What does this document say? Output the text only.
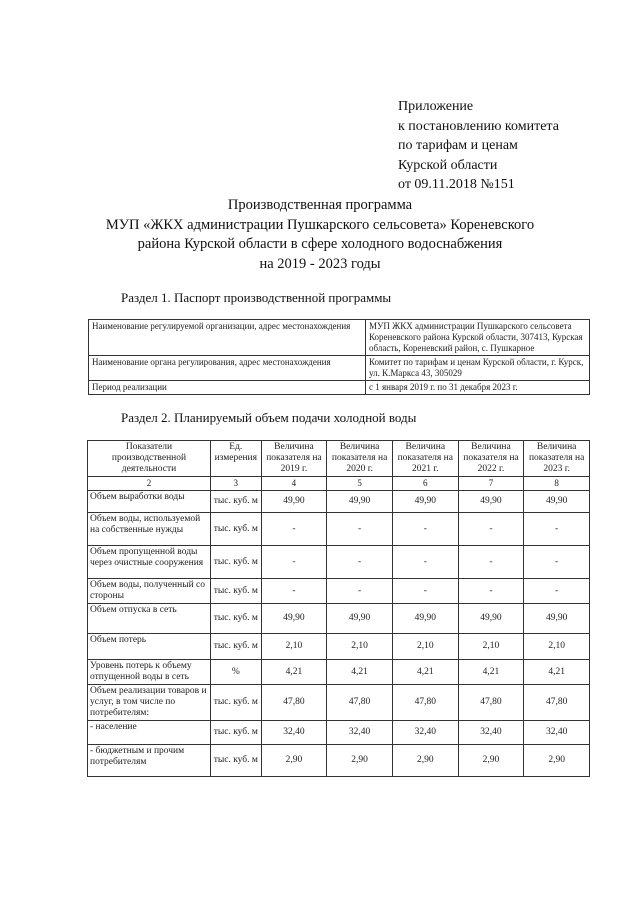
Приложение
к постановлению комитета
по тарифам и ценам
Курской области
от 09.11.2018 №151
Производственная программа
МУП «ЖКХ администрации Пушкарского сельсовета» Кореневского
района Курской области в сфере холодного водоснабжения
на 2019 - 2023 годы
Раздел 1. Паспорт производственной программы
Наименование регулируемой организации, адрес местонахождения	МУП ЖКХ администрации Пушкарского сельсовета Кореневского района Курской области, 307413, Курская область, Кореневский район, с. Пушкарное
Наименование органа регулирования, адрес местонахождения	Комитет по тарифам и ценам Курской области, г. Курск, ул. К.Маркса 43, 305029
Период реализации	с 1 января 2019 г. по 31 декабря 2023 г.
Раздел 2. Планируемый объем подачи холодной воды
Показатели производственной деятельности	Ед. измерения	Величина показателя на 2019 г.	Величина показателя на 2020 г.	Величина показателя на 2021 г.	Величина показателя на 2022 г.	Величина показателя на 2023 г.
2	3	4	5	6	7	8
Объем выработки воды	тыс. куб. м	49,90	49,90	49,90	49,90	49,90
Объем воды, используемой на собственные нужды	тыс. куб. м	-	-	-	-	-
Объем пропущенной воды через очистные сооружения	тыс. куб. м	-	-	-	-	-
Объем воды, полученный со стороны	тыс. куб. м	-	-	-	-	-
Объем отпуска в сеть	тыс. куб. м	49,90	49,90	49,90	49,90	49,90
Объем потерь	тыс. куб. м	2,10	2,10	2,10	2,10	2,10
Уровень потерь к объему отпущенной воды в сеть	%	4,21	4,21	4,21	4,21	4,21
Объем реализации товаров и услуг, в том числе по потребителям:	тыс. куб. м	47,80	47,80	47,80	47,80	47,80
- население	тыс. куб. м	32,40	32,40	32,40	32,40	32,40
- бюджетным и прочим потребителям	тыс. куб. м	2,90	2,90	2,90	2,90	2,90
